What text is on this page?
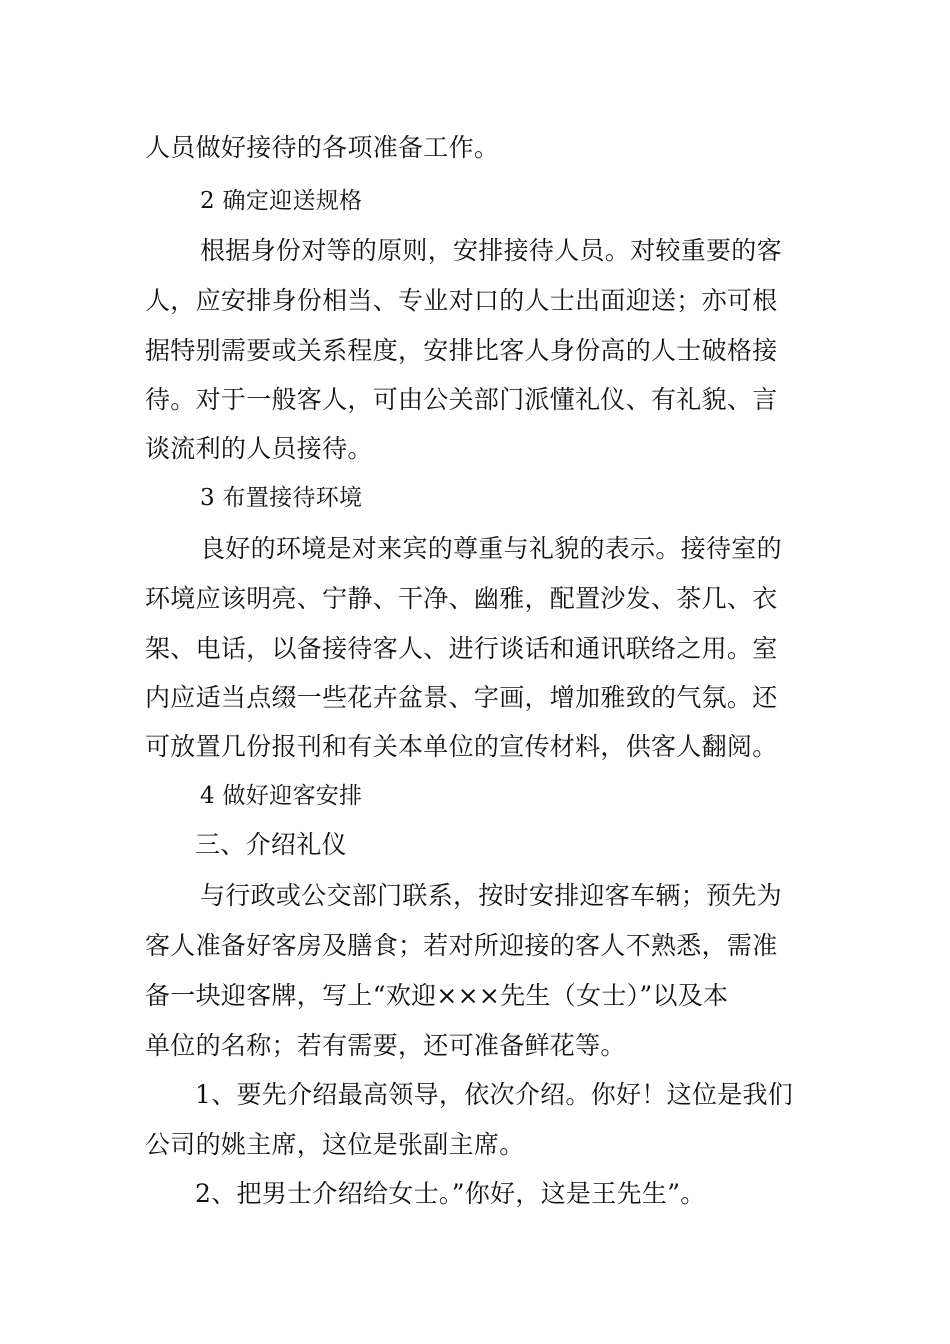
人员做好接待的各项准备工作。
2 确定迎送规格
根据身份对等的原则，安排接待人员。对较重要的客
人，应安排身份相当、专业对口的人士出面迎送；亦可根
据特别需要或关系程度，安排比客人身份高的人士破格接
待。对于一般客人，可由公关部门派懂礼仪、有礼貌、言
谈流利的人员接待。
3 布置接待环境
良好的环境是对来宾的尊重与礼貌的表示。接待室的
环境应该明亮、宁静、干净、幽雅，配置沙发、茶几、衣
架、电话，以备接待客人、进行谈话和通讯联络之用。室
内应适当点缀一些花卉盆景、字画，增加雅致的气氛。还
可放置几份报刊和有关本单位的宣传材料，供客人翻阅。
4 做好迎客安排
三、介绍礼仪
与行政或公交部门联系，按时安排迎客车辆；预先为
客人准备好客房及膳食；若对所迎接的客人不熟悉，需准
备一块迎客牌，写上“欢迎×××先生（女士）”以及本
单位的名称；若有需要，还可准备鲜花等。
1、要先介绍最高领导，依次介绍。你好！这位是我们
公司的姚主席，这位是张副主席。
2、把男士介绍给女士。”你好，这是王先生”。
